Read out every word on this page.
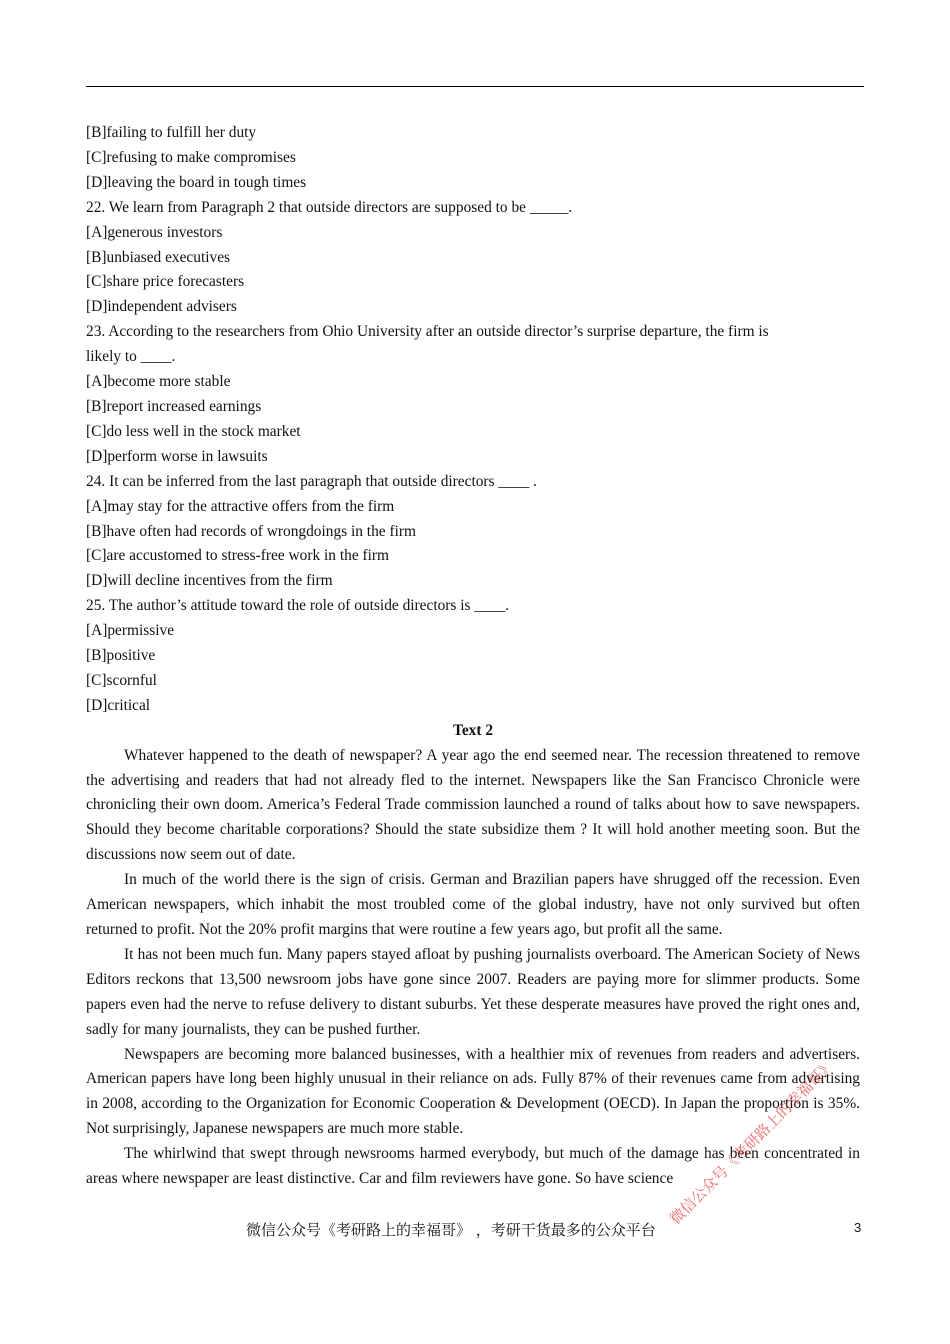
[B]failing to fulfill her duty
[C]refusing to make compromises
[D]leaving the board in tough times
22. We learn from Paragraph 2 that outside directors are supposed to be _____.
[A]generous investors
[B]unbiased executives
[C]share price forecasters
[D]independent advisers
23. According to the researchers from Ohio University after an outside director’s surprise departure, the firm is
likely to ____.
[A]become more stable
[B]report increased earnings
[C]do less well in the stock market
[D]perform worse in lawsuits
24. It can be inferred from the last paragraph that outside directors ____ .
[A]may stay for the attractive offers from the firm
[B]have often had records of wrongdoings in the firm
[C]are accustomed to stress-free work in the firm
[D]will decline incentives from the firm
25. The author’s attitude toward the role of outside directors is ____.
[A]permissive
[B]positive
[C]scornful
[D]critical
Text 2

Whatever happened to the death of newspaper? A year ago the end seemed near. The recession threatened to remove the advertising and readers that had not already fled to the internet. Newspapers like the San Francisco Chronicle were chronicling their own doom. America’s Federal Trade commission launched a round of talks about how to save newspapers. Should they become charitable corporations? Should the state subsidize them ? It will hold another meeting soon. But the discussions now seem out of date.

In much of the world there is the sign of crisis. German and Brazilian papers have shrugged off the recession. Even American newspapers, which inhabit the most troubled come of the global industry, have not only survived but often returned to profit. Not the 20% profit margins that were routine a few years ago, but profit all the same.

It has not been much fun. Many papers stayed afloat by pushing journalists overboard. The American Society of News Editors reckons that 13,500 newsroom jobs have gone since 2007. Readers are paying more for slimmer products. Some papers even had the nerve to refuse delivery to distant suburbs. Yet these desperate measures have proved the right ones and, sadly for many journalists, they can be pushed further.

Newspapers are becoming more balanced businesses, with a healthier mix of revenues from readers and advertisers. American papers have long been highly unusual in their reliance on ads. Fully 87% of their revenues came from advertising in 2008, according to the Organization for Economic Cooperation & Development (OECD). In Japan the proportion is 35%. Not surprisingly, Japanese newspapers are much more stable.

The whirlwind that swept through newsrooms harmed everybody, but much of the damage has been concentrated in areas where newspaper are least distinctive. Car and film reviewers have gone. So have science

微信公众号《考研路上的幸福哥》 ，考研干货最多的公众平台	3
微信公众号《考研路上的幸福哥》
